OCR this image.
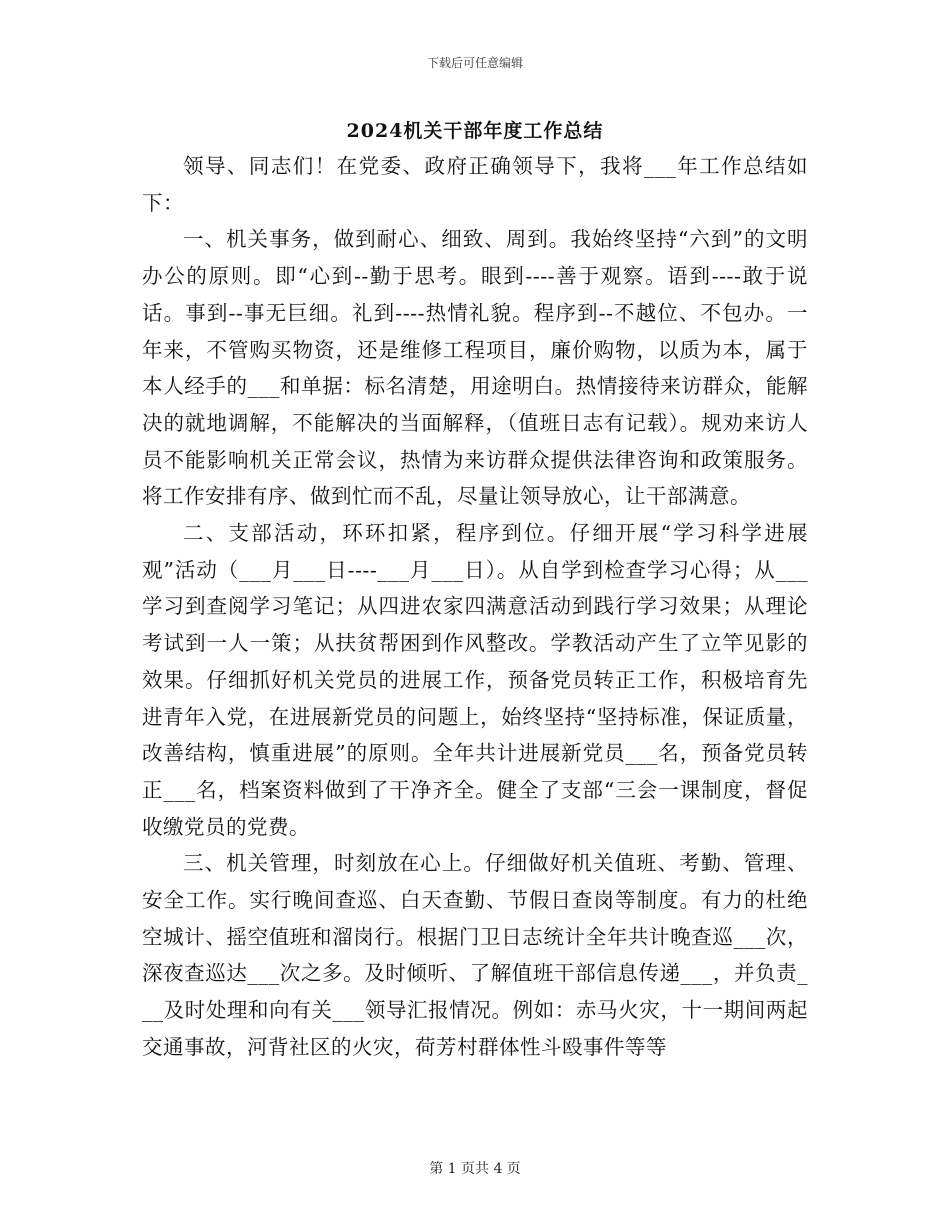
下载后可任意编辑
2024机关干部年度工作总结

领导、同志们！在党委、政府正确领导下，我将___年工作总结如下：

一、机关事务，做到耐心、细致、周到。我始终坚持“六到”的文明办公的原则。即“心到--勤于思考。眼到----善于观察。语到----敢于说话。事到--事无巨细。礼到----热情礼貌。程序到--不越位、不包办。一年来，不管购买物资，还是维修工程项目，廉价购物，以质为本，属于本人经手的___和单据：标名清楚，用途明白。热情接待来访群众，能解决的就地调解，不能解决的当面解释，（值班日志有记载）。规劝来访人员不能影响机关正常会议，热情为来访群众提供法律咨询和政策服务。将工作安排有序、做到忙而不乱，尽量让领导放心，让干部满意。

二、支部活动，环环扣紧，程序到位。仔细开展“学习科学进展观”活动（___月___日----___月___日）。从自学到检查学习心得；从___学习到查阅学习笔记；从四进农家四满意活动到践行学习效果；从理论考试到一人一策；从扶贫帮困到作风整改。学教活动产生了立竿见影的效果。仔细抓好机关党员的进展工作，预备党员转正工作，积极培育先进青年入党，在进展新党员的问题上，始终坚持“坚持标准，保证质量，改善结构，慎重进展”的原则。全年共计进展新党员___名，预备党员转正___名，档案资料做到了干净齐全。健全了支部“三会一课制度，督促收缴党员的党费。

三、机关管理，时刻放在心上。仔细做好机关值班、考勤、管理、安全工作。实行晚间查巡、白天查勤、节假日查岗等制度。有力的杜绝空城计、摇空值班和溜岗行。根据门卫日志统计全年共计晚查巡___次，深夜查巡达___次之多。及时倾听、了解值班干部信息传递___，并负责___及时处理和向有关___领导汇报情况。例如：赤马火灾，十一期间两起交通事故，河背社区的火灾，荷芳村群体性斗殴事件等等

第 1 页共 4 页
